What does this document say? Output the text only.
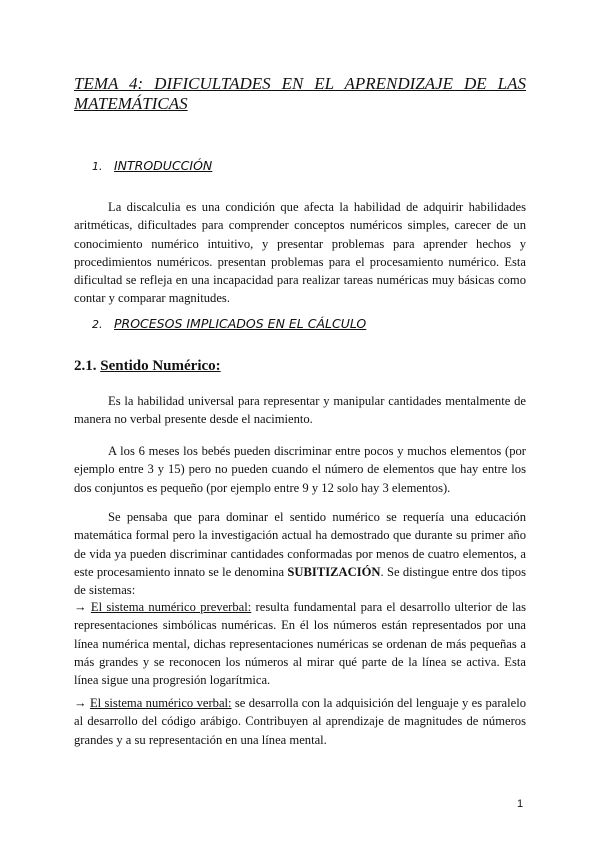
TEMA 4: DIFICULTADES EN EL APRENDIZAJE DE LAS MATEMÁTICAS
1. INTRODUCCIÓN

La discalculia es una condición que afecta la habilidad de adquirir habilidades aritméticas, dificultades para comprender conceptos numéricos simples, carecer de un conocimiento numérico intuitivo, y presentar problemas para aprender hechos y procedimientos numéricos. presentan problemas para el procesamiento numérico. Esta dificultad se refleja en una incapacidad para realizar tareas numéricas muy básicas como contar y comparar magnitudes.

2. PROCESOS IMPLICADOS EN EL CÁLCULO
2.1. Sentido Numérico:

Es la habilidad universal para representar y manipular cantidades mentalmente de manera no verbal presente desde el nacimiento.

A los 6 meses los bebés pueden discriminar entre pocos y muchos elementos (por ejemplo entre 3 y 15) pero no pueden cuando el número de elementos que hay entre los dos conjuntos es pequeño (por ejemplo entre 9 y 12 solo hay 3 elementos).

Se pensaba que para dominar el sentido numérico se requería una educación matemática formal pero la investigación actual ha demostrado que durante su primer año de vida ya pueden discriminar cantidades conformadas por menos de cuatro elementos, a este procesamiento innato se le denomina SUBITIZACIÓN. Se distingue entre dos tipos de sistemas:

→ El sistema numérico preverbal: resulta fundamental para el desarrollo ulterior de las representaciones simbólicas numéricas. En él los números están representados por una línea numérica mental, dichas representaciones numéricas se ordenan de más pequeñas a más grandes y se reconocen los números al mirar qué parte de la línea se activa. Esta línea sigue una progresión logarítmica.

→ El sistema numérico verbal: se desarrolla con la adquisición del lenguaje y es paralelo al desarrollo del código arábigo. Contribuyen al aprendizaje de magnitudes de números grandes y a su representación en una línea mental.

1
